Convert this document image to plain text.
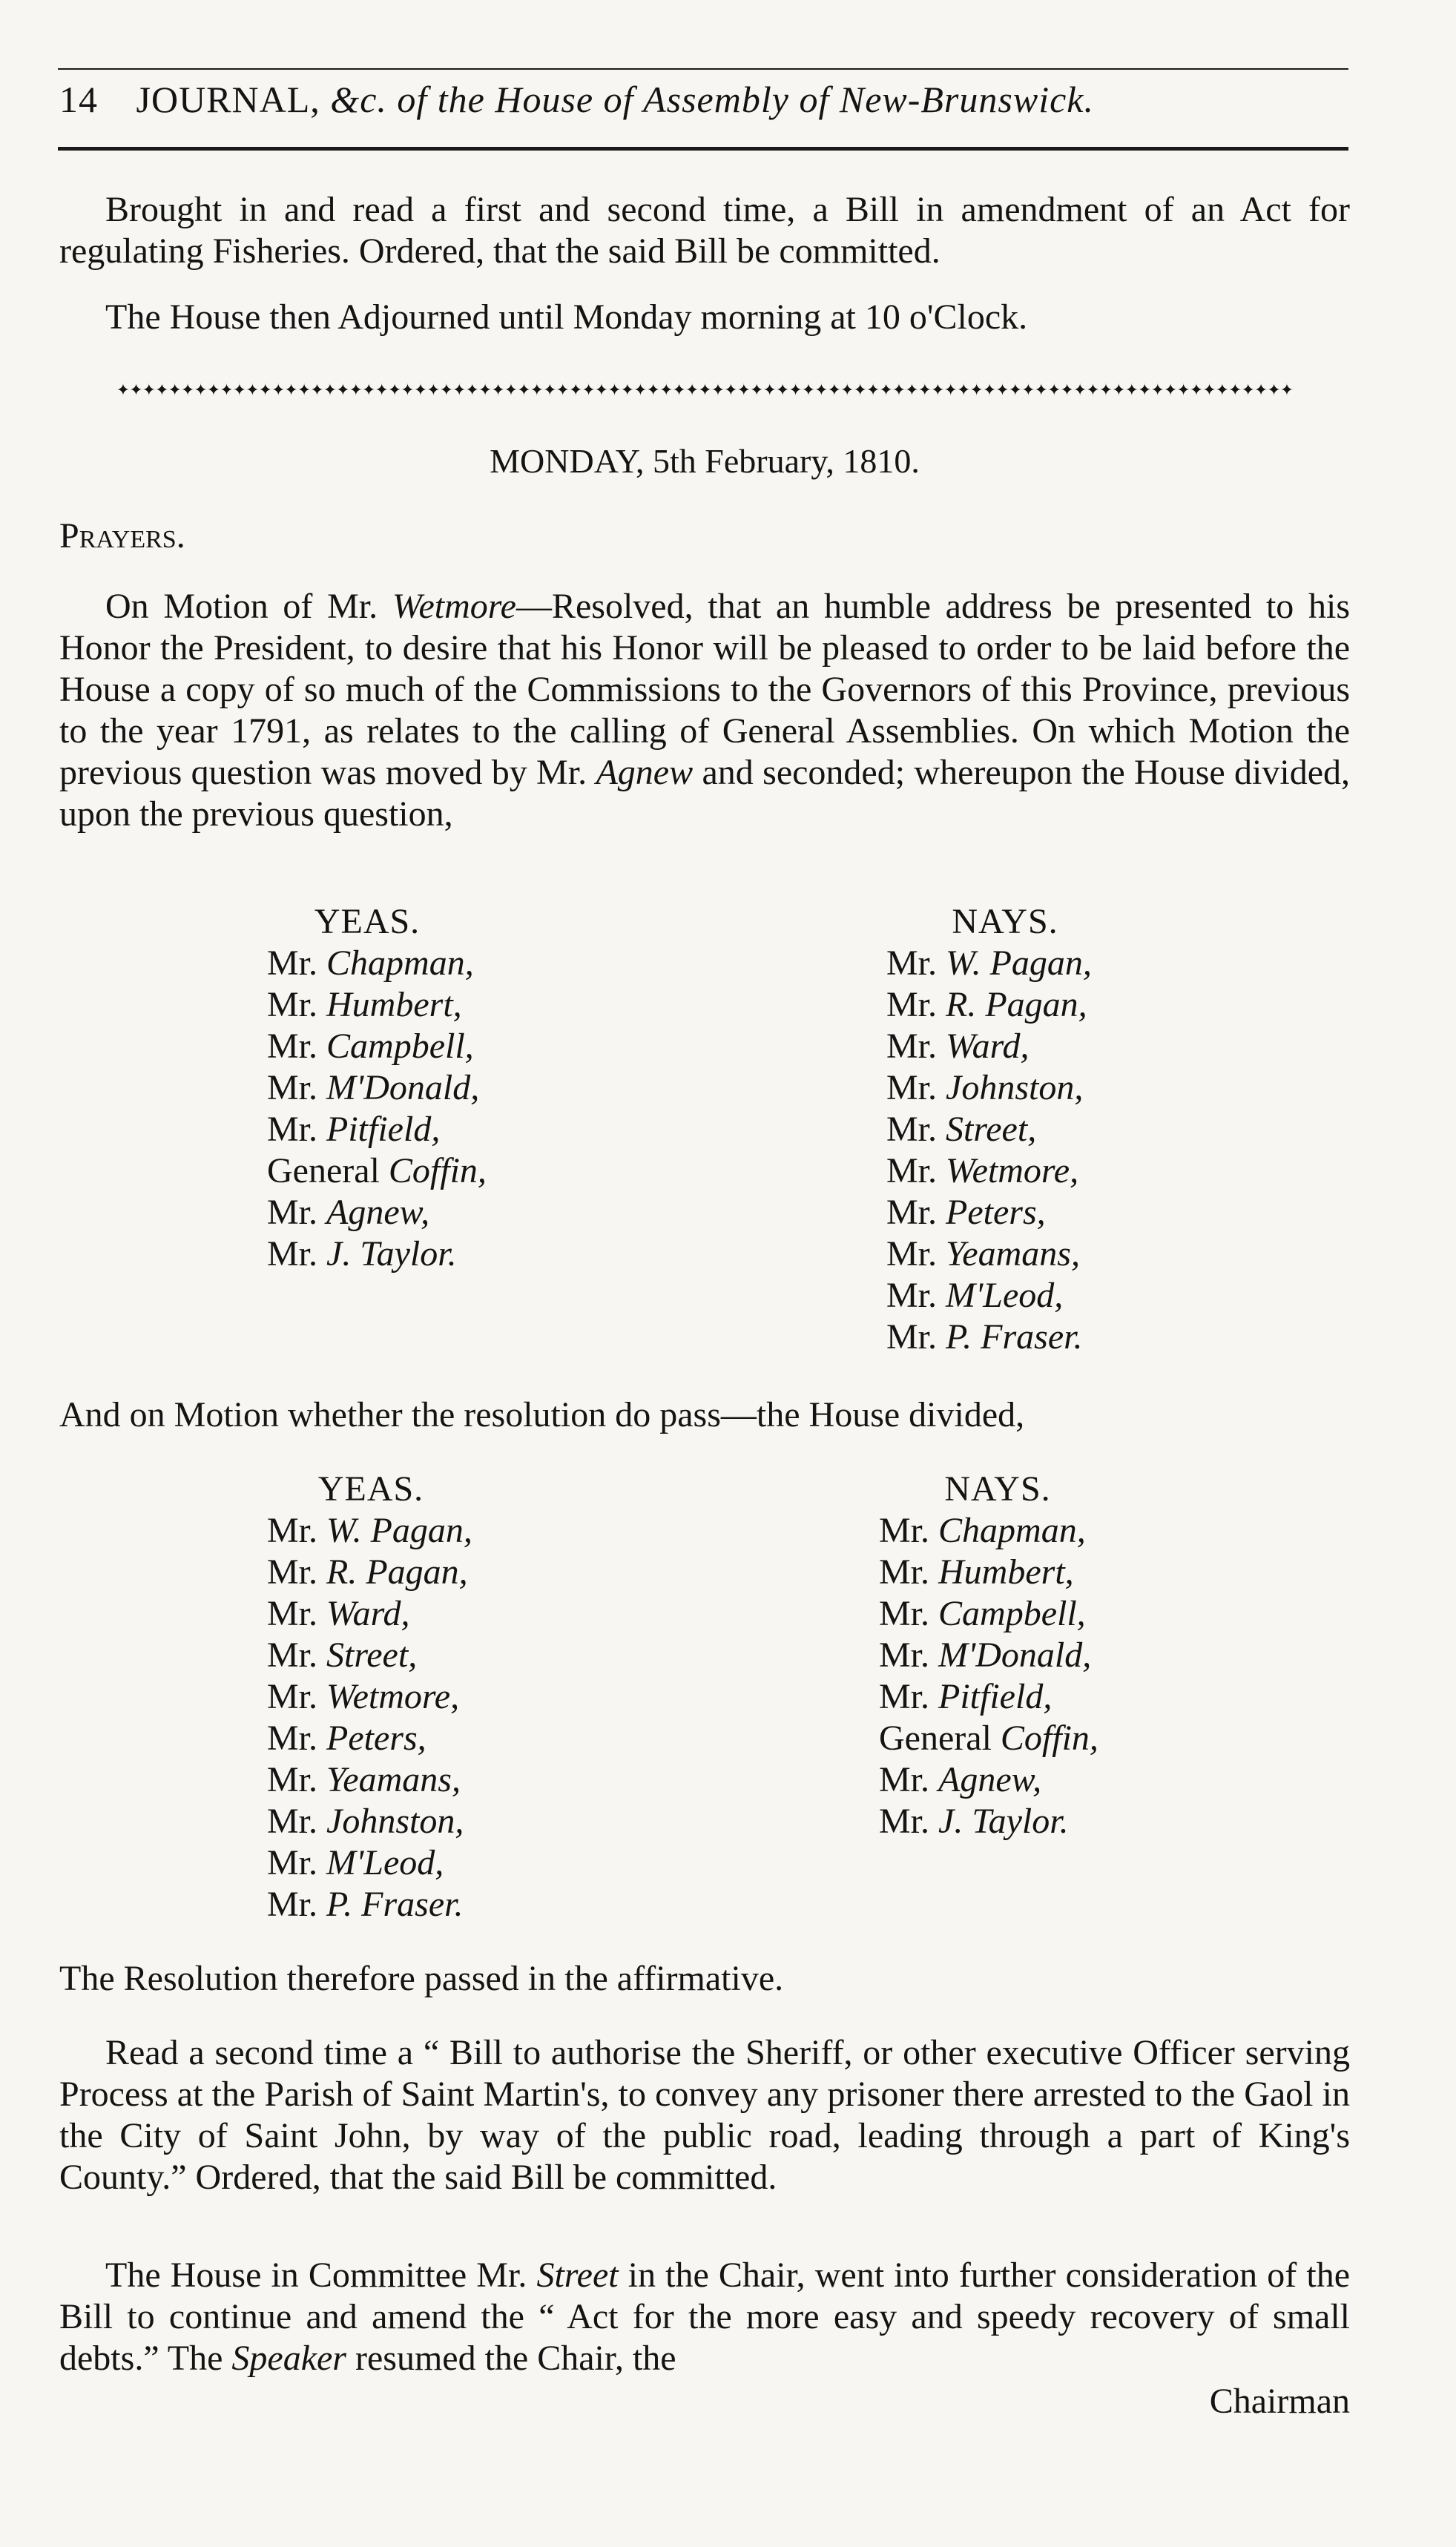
14 JOURNAL, &c. of the House of Assembly of New-Brunswick.
Brought in and read a first and second time, a Bill in amendment of an Act for regulating Fisheries. Ordered, that the said Bill be committed.
The House then Adjourned until Monday morning at 10 o'Clock.
✦✦✦✦✦✦✦✦✦✦✦✦✦✦✦✦✦✦✦✦✦✦✦✦✦✦✦✦✦✦✦✦✦✦✦✦✦✦✦✦✦✦✦✦✦✦✦✦✦✦✦✦✦✦✦✦✦✦✦✦✦✦✦✦✦✦✦✦✦✦✦✦✦✦✦✦✦✦✦✦✦✦✦✦✦✦✦✦✦✦✦
MONDAY, 5th February, 1810.
Prayers.
On Motion of Mr. Wetmore—Resolved, that an humble address be presented to his Honor the President, to desire that his Honor will be pleased to order to be laid before the House a copy of so much of the Commissions to the Governors of this Province, previous to the year 1791, as relates to the calling of General Assemblies. On which Motion the previous question was moved by Mr. Agnew and seconded; whereupon the House divided, upon the previous question,
YEAS.
Mr. Chapman,
Mr. Humbert,
Mr. Campbell,
Mr. M'Donald,
Mr. Pitfield,
General Coffin,
Mr. Agnew,
Mr. J. Taylor.
NAYS.
Mr. W. Pagan,
Mr. R. Pagan,
Mr. Ward,
Mr. Johnston,
Mr. Street,
Mr. Wetmore,
Mr. Peters,
Mr. Yeamans,
Mr. M'Leod,
Mr. P. Fraser.
And on Motion whether the resolution do pass—the House divided,
YEAS.
Mr. W. Pagan,
Mr. R. Pagan,
Mr. Ward,
Mr. Street,
Mr. Wetmore,
Mr. Peters,
Mr. Yeamans,
Mr. Johnston,
Mr. M'Leod,
Mr. P. Fraser.
NAYS.
Mr. Chapman,
Mr. Humbert,
Mr. Campbell,
Mr. M'Donald,
Mr. Pitfield,
General Coffin,
Mr. Agnew,
Mr. J. Taylor.
The Resolution therefore passed in the affirmative.
Read a second time a “ Bill to authorise the Sheriff, or other executive Officer serving Process at the Parish of Saint Martin's, to convey any prisoner there arrested to the Gaol in the City of Saint John, by way of the public road, leading through a part of King's County.” Ordered, that the said Bill be committed.
The House in Committee Mr. Street in the Chair, went into further consideration of the Bill to continue and amend the “ Act for the more easy and speedy recovery of small debts.” The Speaker resumed the Chair, the
Chairman
